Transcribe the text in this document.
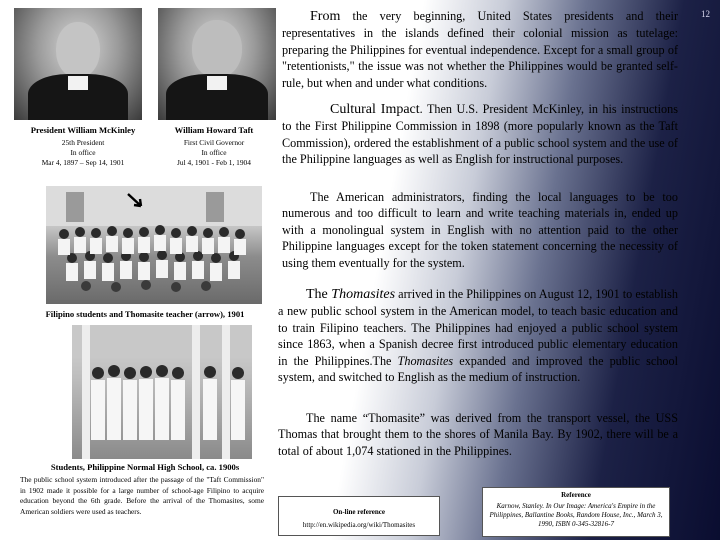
12
President William McKinley
25th President
In office
Mar 4, 1897 – Sep 14, 1901
William Howard Taft
First Civil Governor
In office
Jul 4, 1901 - Feb 1, 1904
Filipino students and Thomasite teacher (arrow), 1901
Students, Philippine Normal High School, ca. 1900s
The public school system introduced after the passage of the "Taft Commission" in 1902 made it possible for a large number of school-age Filipino to acquire education beyond the 6th grade. Before the arrival of the Thomasites, some American soldiers were used as teachers.
From the very beginning, United States presidents and their representatives in the islands defined their colonial mission as tutelage: preparing the Philippines for eventual independence. Except for a small group of "retentionists," the issue was not whether the Philippines would be granted self-rule, but when and under what conditions.
Cultural Impact. Then U.S. President McKinley, in his instructions to the First Philippine Commission in 1898 (more popularly known as the Taft Commission), ordered the establishment of a public school system and the use of the Philippine languages as well as English for instructional purposes.
The American administrators, finding the local languages to be too numerous and too difficult to learn and write teaching materials in, ended up with a monolingual system in English with no attention paid to the other Philippine languages except for the token statement concerning the necessity of using them eventually for the system.
The Thomasites arrived in the Philippines on August 12, 1901 to establish a new public school system in the American model, to teach basic education and to train Filipino teachers. The Philippines had enjoyed a public school system since 1863, when a Spanish decree first introduced public elementary education in the Philippines.The Thomasites expanded and improved the public school system, and switched to English as the medium of instruction.
The name “Thomasite” was derived from the transport vessel, the USS Thomas that brought them to the shores of Manila Bay. By 1902, there will be a total of about 1,074 stationed in the Philippines.
On-line reference
http://en.wikipedia.org/wiki/Thomasites
Reference
Karnow, Stanley. In Our Image: America's Empire in the Philippines, Ballantine Books, Random House, Inc., March 3, 1990, ISBN 0-345-32816-7
